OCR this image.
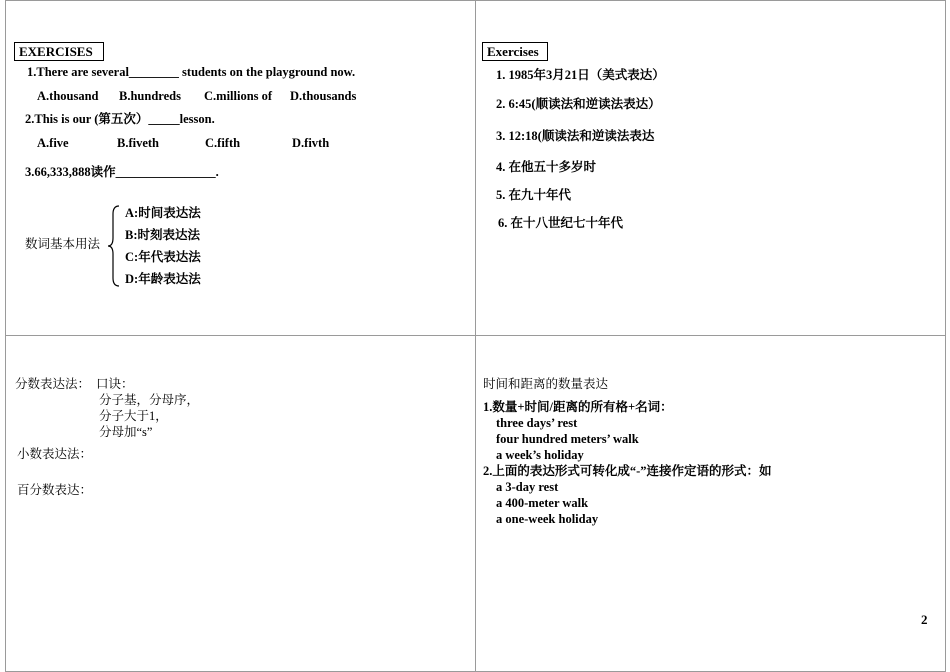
EXERCISES
1.There are several________ students on the playground now.
A.thousand B.hundreds C.millions of D.thousands
2.This is our (第五次）_____lesson.
A.five	B.fiveth	C.fifth	D.fivth
3.66,333,888读作________________.
数词基本用法
A:时间表达法
B:时刻表达法
C:年代表达法
D:年龄表达法
Exercises
1. 1985年3月21日（美式表达）
2. 6:45(顺读法和逆读法表达）
3. 12:18(顺读法和逆读法表达
4. 在他五十多岁时
5. 在九十年代
6. 在十八世纪七十年代
分数表达法： 口诀：
分子基，分母序，
分子大于1，
分母加“s”
小数表达法：
百分数表达：
时间和距离的数量表达
1.数量+时间/距离的所有格+名词：
three days’ rest
four hundred meters’ walk
a week’s holiday
2.上面的表达形式可转化成“-”连接作定语的形式：如
a 3-day rest
a 400-meter walk
a one-week holiday
2
